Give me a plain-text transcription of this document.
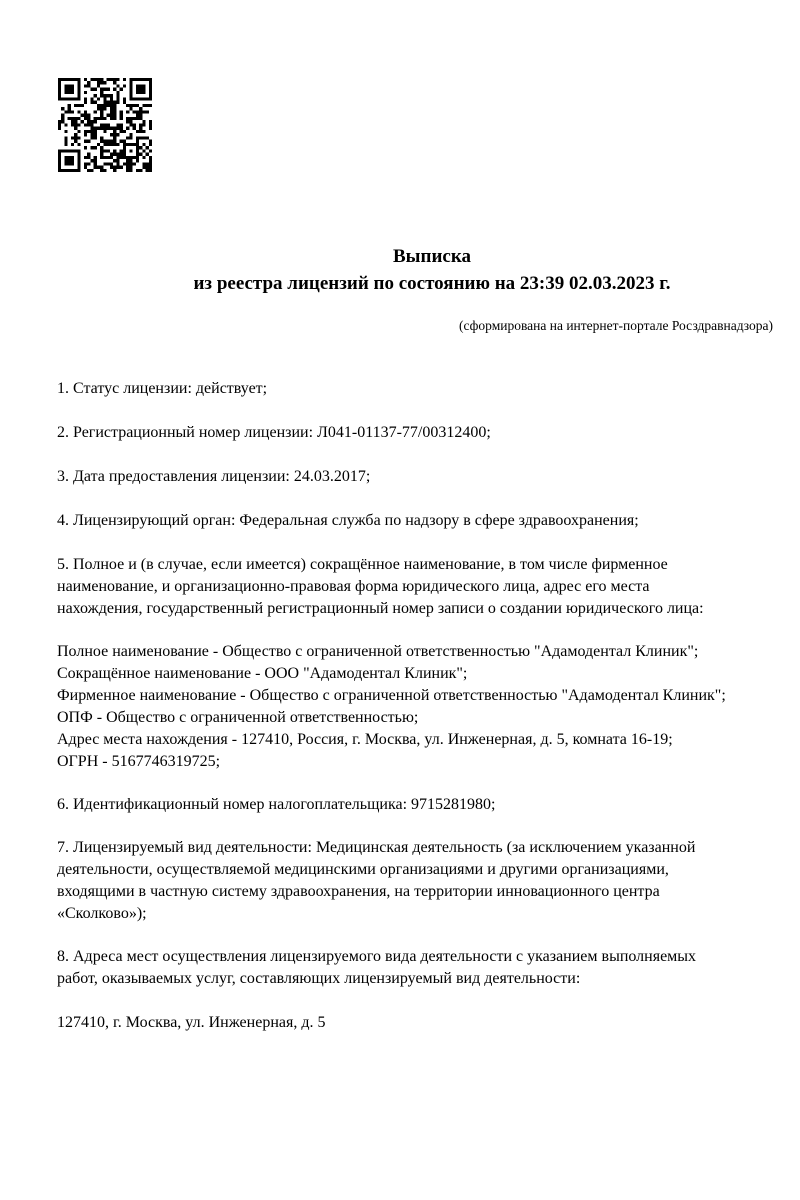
Выписка
из реестра лицензий по состоянию на 23:39 02.03.2023 г.
(сформирована на интернет-портале Росздравнадзора)
1. Статус лицензии: действует;
2. Регистрационный номер лицензии: Л041-01137-77/00312400;
3. Дата предоставления лицензии: 24.03.2017;
4. Лицензирующий орган: Федеральная служба по надзору в сфере здравоохранения;
5. Полное и (в случае, если имеется) сокращённое наименование, в том числе фирменное
наименование, и организационно-правовая форма юридического лица, адрес его места
нахождения, государственный регистрационный номер записи о создании юридического лица:
Полное наименование - Общество с ограниченной ответственностью "Адамодентал Клиник";
Сокращённое наименование - ООО "Адамодентал Клиник";
Фирменное наименование - Общество с ограниченной ответственностью "Адамодентал Клиник";
ОПФ - Общество с ограниченной ответственностью;
Адрес места нахождения - 127410, Россия, г. Москва, ул. Инженерная, д. 5, комната 16-19;
ОГРН - 5167746319725;
6. Идентификационный номер налогоплательщика: 9715281980;
7. Лицензируемый вид деятельности: Медицинская деятельность (за исключением указанной
деятельности, осуществляемой медицинскими организациями и другими организациями,
входящими в частную систему здравоохранения, на территории инновационного центра
«Сколково»);
8. Адреса мест осуществления лицензируемого вида деятельности с указанием выполняемых
работ, оказываемых услуг, составляющих лицензируемый вид деятельности:
127410, г. Москва, ул. Инженерная, д. 5
